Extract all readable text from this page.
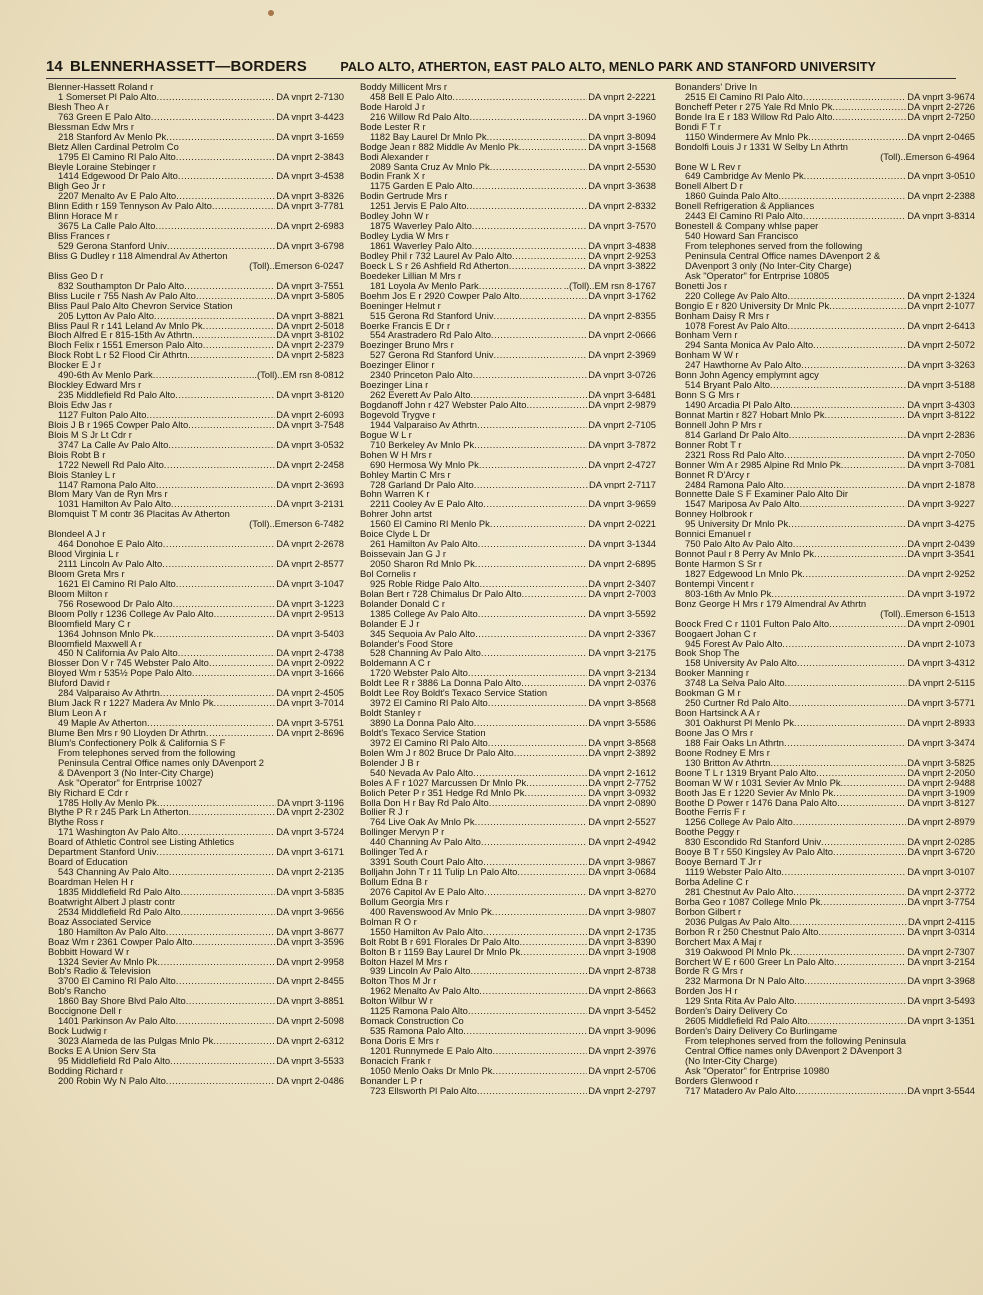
14 BLENNERHASSETT—BORDERS	PALO ALTO, ATHERTON, EAST PALO ALTO, MENLO PARK AND STANFORD UNIVERSITY
Blenner-Hassett Roland r
1 Somerset Pl Palo Alto .....	DA vnprt 2-7130
Blesh Theo A r
763 Green E Palo Alto .....	DA vnprt 3-4423
Blessman Edw Mrs r
218 Stanford Av Menlo Pk .....	DA vnprt 3-1659
Bletz Allen Cardinal Petrolm Co
1795 El Camino Rl Palo Alto .....	DA vnprt 2-3843
Bleyle Loraine Stebinger r
1414 Edgewood Dr Palo Alto .....	DA vnprt 3-4538
Bligh Geo Jr r
2207 Menalto Av E Palo Alto .....	DA vnprt 3-8326
Blinn Edith r 159 Tennyson Av Palo Alto .....	DA vnprt 3-7781
Blinn Horace M r
3675 La Calle Palo Alto .....	DA vnprt 2-6983
Bliss Frances r
529 Gerona Stanford Univ .....	DA vnprt 3-6798
Bliss G Dudley r 118 Almendral Av Atherton
(Toll)..Emerson 6-0247
Bliss Geo D r
832 Southampton Dr Palo Alto .....	DA vnprt 3-7551
Bliss Lucile r 755 Nash Av Palo Alto .....	DA vnprt 3-5805
Bliss Paul Palo Alto Chevron Service Station
205 Lytton Av Palo Alto .....	DA vnprt 3-8821
Bliss Paul R r 141 Leland Av Mnlo Pk .....	DA vnprt 2-5018
Bloch Alfred E r 815-15th Av Athrtn .....	DA vnprt 3-8102
Bloch Felix r 1551 Emerson Palo Alto .....	DA vnprt 2-2379
Block Robt L r 52 Flood Cir Athrtn .....	DA vnprt 2-5823
Blocker E J r
490-6th Av Menlo Park .....	..(Toll)..EM rsn 8-0812
Blockley Edward Mrs r
235 Middlefield Rd Palo Alto .....	DA vnprt 3-8120
Blois Edw Jas r
1127 Fulton Palo Alto .....	DA vnprt 2-6093
Blois J B r 1965 Cowper Palo Alto .....	DA vnprt 3-7548
Blois M S Jr Lt Cdr r
3747 La Calle Av Palo Alto .....	DA vnprt 3-0532
Blois Robt B r
1722 Newell Rd Palo Alto .....	DA vnprt 2-2458
Blois Stanley L r
1147 Ramona Palo Alto .....	DA vnprt 2-3693
Blom Mary Van de Ryn Mrs r
1031 Hamilton Av Palo Alto .....	DA vnprt 3-2131
Blomquist T M contr 36 Placitas Av Atherton
(Toll)..Emerson 6-7482
Blondeel A J r
464 Donohoe E Palo Alto .....	DA vnprt 2-2678
Blood Virginia L r
2111 Lincoln Av Palo Alto .....	DA vnprt 2-8577
Bloom Greta Mrs r
1621 El Camino Rl Palo Alto .....	DA vnprt 3-1047
Bloom Milton r
756 Rosewood Dr Palo Alto .....	DA vnprt 3-1223
Bloom Polly r 1236 College Av Palo Alto .....	DA vnprt 2-9513
Bloomfield Mary C r
1364 Johnson Mnlo Pk .....	DA vnprt 3-5403
Bloomfield Maxwell A r
450 N California Av Palo Alto .....	DA vnprt 2-4738
Blosser Don V r 745 Webster Palo Alto .....	DA vnprt 2-0922
Bloyed Wm r 535½ Pope Palo Alto .....	DA vnprt 3-1666
Bluford David r
284 Valparaiso Av Athrtn .....	DA vnprt 2-4505
Blum Jack R r 1227 Madera Av Mnlo Pk .....	DA vnprt 3-7014
Blum Leon A r
49 Maple Av Atherton .....	DA vnprt 3-5751
Blume Ben Mrs r 90 Lloyden Dr Athrtn .....	DA vnprt 2-8696
Blum's Confectionery Polk & California S F
From telephones served from the following
Peninsula Central Office names only DAvenport 2
& DAvenport 3 (No Inter-City Charge)
Ask "Operator" for Entrprise 10027
Bly Richard E Cdr r
1785 Holly Av Menlo Pk .....	DA vnprt 3-1196
Blythe P R r 245 Park Ln Atherton .....	DA vnprt 2-2302
Blythe Ross r
171 Washington Av Palo Alto .....	DA vnprt 3-5724
Board of Athletic Control see Listing Athletics
Department Stanford Univ .....	DA vnprt 3-6171
Board of Education
543 Channing Av Palo Alto .....	DA vnprt 2-2135
Boardman Helen H r
1835 Middlefield Rd Palo Alto .....	DA vnprt 3-5835
Boatwright Albert J plastr contr
2534 Middlefield Rd Palo Alto .....	DA vnprt 3-9656
Boaz Associated Service
180 Hamilton Av Palo Alto .....	DA vnprt 3-8677
Boaz Wm r 2361 Cowper Palo Alto .....	DA vnprt 3-3596
Bobbitt Howard W r
1324 Sevier Av Mnlo Pk .....	DA vnprt 2-9958
Bob's Radio & Television
3700 El Camino Rl Palo Alto .....	DA vnprt 2-8455
Bob's Rancho
1860 Bay Shore Blvd Palo Alto .....	DA vnprt 3-8851
Boccignone Dell r
1401 Parkinson Av Palo Alto .....	DA vnprt 2-5098
Bock Ludwig r
3023 Alameda de las Pulgas Mnlo Pk .....	DA vnprt 2-6312
Bocks E A Union Serv Sta
95 Middlefield Rd Palo Alto .....	DA vnprt 3-5533
Bodding Richard r
200 Robin Wy N Palo Alto .....	DA vnprt 2-0486
Boddy Millicent Mrs r
458 Bell E Palo Alto .....	DA vnprt 2-2221
Bode Harold J r
216 Willow Rd Palo Alto .....	DA vnprt 3-1960
Bode Lester R r
1182 Bay Laurel Dr Mnlo Pk .....	DA vnprt 3-8094
Bodge Jean r 882 Middle Av Menlo Pk .....	DA vnprt 3-1568
Bodi Alexander r
2089 Santa Cruz Av Mnlo Pk .....	DA vnprt 2-5530
Bodin Frank X r
1175 Garden E Palo Alto .....	DA vnprt 3-3638
Bodin Gertrude Mrs r
1251 Jervis E Palo Alto .....	DA vnprt 2-8332
Bodley John W r
1875 Waverley Palo Alto .....	DA vnprt 3-7570
Bodley Lydia W Mrs r
1861 Waverley Palo Alto .....	DA vnprt 3-4838
Bodley Phil r 732 Laurel Av Palo Alto .....	DA vnprt 2-9253
Boeck L S r 26 Ashfield Rd Atherton .....	DA vnprt 3-3822
Boedeker Lillian M Mrs r
181 Loyola Av Menlo Park .....	..(Toll)..EM rsn 8-1767
Boehm Jos E r 2920 Cowper Palo Alto .....	DA vnprt 3-1762
Boeninger Helmut r
515 Gerona Rd Stanford Univ .....	DA vnprt 2-8355
Boerke Francis E Dr r
554 Arastradero Rd Palo Alto .....	DA vnprt 2-0666
Boezinger Bruno Mrs r
527 Gerona Rd Stanford Univ .....	DA vnprt 2-3969
Boezinger Elinor r
2340 Princeton Palo Alto .....	DA vnprt 3-0726
Boezinger Lina r
262 Everett Av Palo Alto .....	DA vnprt 3-6481
Bogdanoff John r 427 Webster Palo Alto .....	DA vnprt 2-9879
Bogevold Trygve r
1944 Valparaiso Av Athrtn .....	DA vnprt 2-7105
Bogue W L r
710 Berkeley Av Mnlo Pk .....	DA vnprt 3-7872
Bohen W H Mrs r
690 Hermosa Wy Mnlo Pk .....	DA vnprt 2-4727
Bohley Martin C Mrs r
728 Garland Dr Palo Alto .....	DA vnprt 2-7117
Bohn Warren K r
2211 Cooley Av E Palo Alto .....	DA vnprt 3-9659
Bohrer John artst
1560 El Camino Rl Menlo Pk .....	DA vnprt 2-0221
Boice Clyde L Dr
261 Hamilton Av Palo Alto .....	DA vnprt 3-1344
Boissevain Jan G J r
2050 Sharon Rd Mnlo Pk .....	DA vnprt 2-6895
Bol Cornelis r
925 Roble Ridge Palo Alto .....	DA vnprt 2-3407
Bolan Bert r 728 Chimalus Dr Palo Alto .....	DA vnprt 2-7003
Bolander Donald C r
1385 College Av Palo Alto .....	DA vnprt 3-5592
Bolander E J r
345 Sequoia Av Palo Alto .....	DA vnprt 2-3367
Bolander's Food Store
528 Channing Av Palo Alto .....	DA vnprt 3-2175
Boldemann A C r
1720 Webster Palo Alto .....	DA vnprt 3-2134
Boldt Lee R r 3886 La Donna Palo Alto .....	DA vnprt 2-0376
Boldt Lee Roy Boldt's Texaco Service Station
3972 El Camino Rl Palo Alto .....	DA vnprt 3-8568
Boldt Stanley r
3890 La Donna Palo Alto .....	DA vnprt 3-5586
Boldt's Texaco Service Station
3972 El Camino Rl Palo Alto .....	DA vnprt 3-8568
Bolen Wm J r 802 Bruce Dr Palo Alto .....	DA vnprt 2-3892
Bolender J B r
540 Nevada Av Palo Alto .....	DA vnprt 2-1612
Boles A F r 1027 Marcussen Dr Mnlo Pk .....	DA vnprt 2-7752
Bolich Peter P r 351 Hedge Rd Mnlo Pk .....	DA vnprt 3-0932
Bolla Don H r Bay Rd Palo Alto .....	DA vnprt 2-0890
Bollier R J r
764 Live Oak Av Mnlo Pk .....	DA vnprt 2-5527
Bollinger Mervyn P r
440 Channing Av Palo Alto .....	DA vnprt 2-4942
Bollinger Ted A r
3391 South Court Palo Alto .....	DA vnprt 3-9867
Bolljahn John T r 11 Tulip Ln Palo Alto .....	DA vnprt 3-0684
Bollum Edna B r
2076 Capitol Av E Palo Alto .....	DA vnprt 3-8270
Bollum Georgia Mrs r
400 Ravenswood Av Mnlo Pk .....	DA vnprt 3-9807
Bolman R O r
1550 Hamilton Av Palo Alto .....	DA vnprt 2-1735
Bolt Robt B r 691 Florales Dr Palo Alto .....	DA vnprt 3-8390
Bolton B r 1159 Bay Laurel Dr Mnlo Pk .....	DA vnprt 3-1908
Bolton Hazel M Mrs r
939 Lincoln Av Palo Alto .....	DA vnprt 2-8738
Bolton Thos M Jr r
1962 Menalto Av Palo Alto .....	DA vnprt 2-8663
Bolton Wilbur W r
1125 Ramona Palo Alto .....	DA vnprt 3-5452
Bomack Construction Co
535 Ramona Palo Alto .....	DA vnprt 3-9096
Bona Doris E Mrs r
1201 Runnymede E Palo Alto .....	DA vnprt 2-3976
Bonacich Frank r
1050 Menlo Oaks Dr Mnlo Pk .....	DA vnprt 2-5706
Bonander L P r
723 Ellsworth Pl Palo Alto .....	DA vnprt 2-2797
Bonanders' Drive In
2515 El Camino Rl Palo Alto .....	DA vnprt 3-9674
Boncheff Peter r 275 Yale Rd Mnlo Pk .....	DA vnprt 2-2726
Bonde Ira E r 183 Willow Rd Palo Alto .....	DA vnprt 2-7250
Bondi F T r
1150 Windermere Av Mnlo Pk .....	DA vnprt 2-0465
Bondolfi Louis J r 1331 W Selby Ln Athrtn
(Toll)..Emerson 6-4964
Bone W L Rev r
649 Cambridge Av Menlo Pk .....	DA vnprt 3-0510
Bonell Albert D r
1860 Guinda Palo Alto .....	DA vnprt 2-2388
Bonell Refrigeration & Appliances
2443 El Camino Rl Palo Alto .....	DA vnprt 3-8314
Bonestell & Company whlse paper
540 Howard San Francisco
From telephones served from the following
Peninsula Central Office names DAvenport 2 &
DAvenport 3 only (No Inter-City Charge)
Ask "Operator" for Entrprise 10805
Bonetti Jos r
220 College Av Palo Alto .....	DA vnprt 2-1324
Bongio E r 820 University Dr Mnlc Pk .....	DA vnprt 2-1077
Bonham Daisy R Mrs r
1078 Forest Av Palo Alto .....	DA vnprt 2-6413
Bonham Vern r
294 Santa Monica Av Palo Alto .....	DA vnprt 2-5072
Bonham W W r
247 Hawthorne Av Palo Alto .....	DA vnprt 3-3263
Bonn John Agency emplymnt agcy
514 Bryant Palo Alto .....	DA vnprt 3-5188
Bonn S G Mrs r
1490 Arcadia Pl Palo Alto .....	DA vnprt 3-4303
Bonnat Martin r 827 Hobart Mnlo Pk .....	DA vnprt 3-8122
Bonnell John P Mrs r
814 Garland Dr Palo Alto .....	DA vnprt 2-2836
Bonner Robt T r
2321 Ross Rd Palo Alto .....	DA vnprt 2-7050
Bonner Wm A r 2985 Alpine Rd Mnlo Pk .....	DA vnprt 3-7081
Bonnet R D'Arcy r
2484 Ramona Palo Alto .....	DA vnprt 2-1878
Bonnette Dale S F Examiner Palo Alto Dir
1547 Mariposa Av Palo Alto .....	DA vnprt 3-9227
Bonney Holbrook r
95 University Dr Mnlo Pk .....	DA vnprt 3-4275
Bonnici Emanuel r
750 Palo Alto Av Palo Alto .....	DA vnprt 2-0439
Bonnot Paul r 8 Perry Av Mnlo Pk .....	DA vnprt 3-3541
Bonte Harmon S Sr r
1827 Edgewood Ln Mnlo Pk .....	DA vnprt 2-9252
Bontempi Vincent r
803-16th Av Mnlo Pk .....	DA vnprt 3-1972
Bonz George H Mrs r 179 Almendral Av Athrtn
(Toll)..Emerson 6-1513
Boock Fred C r 1101 Fulton Palo Alto .....	DA vnprt 2-0901
Boogaert Johan C r
945 Forest Av Palo Alto .....	DA vnprt 2-1073
Book Shop The
158 University Av Palo Alto .....	DA vnprt 3-4312
Booker Manning r
3748 La Selva Palo Alto .....	DA vnprt 2-5115
Bookman G M r
250 Curtner Rd Palo Alto .....	DA vnprt 3-5771
Boon Hartsinck A A r
301 Oakhurst Pl Menlo Pk .....	DA vnprt 2-8933
Boone Jas O Mrs r
188 Fair Oaks Ln Athrtn .....	DA vnprt 3-3474
Boone Rodney E Mrs r
130 Britton Av Athrtn .....	DA vnprt 3-5825
Boone T L r 1319 Bryant Palo Alto .....	DA vnprt 2-2050
Booman W W r 1031 Sevier Av Mnlo Pk .....	DA vnprt 2-9488
Booth Jas E r 1220 Sevier Av Mnlo Pk .....	DA vnprt 3-1909
Boothe D Power r 1476 Dana Palo Alto .....	DA vnprt 3-8127
Boothe Ferris F r
1256 College Av Palo Alto .....	DA vnprt 2-8979
Boothe Peggy r
830 Escondido Rd Stanford Univ .....	DA vnprt 2-0285
Booye B T r 550 Kingsley Av Palo Alto .....	DA vnprt 3-6720
Booye Bernard T Jr r
1119 Webster Palo Alto .....	DA vnprt 3-0107
Borba Adeline C r
281 Chestnut Av Palo Alto .....	DA vnprt 2-3772
Borba Geo r 1087 College Mnlo Pk .....	DA vnprt 3-7754
Borbon Gilbert r
2036 Pulgas Av Palo Alto .....	DA vnprt 2-4115
Borbon R r 250 Chestnut Palo Alto .....	DA vnprt 3-0314
Borchert Max A Maj r
319 Oakwood Pl Mnlo Pk .....	DA vnprt 2-7307
Borchert W E r 600 Greer Ln Palo Alto .....	DA vnprt 3-2154
Borde R G Mrs r
232 Marmona Dr N Palo Alto .....	DA vnprt 3-3968
Borden Jos H r
129 Snta Rita Av Palo Alto .....	DA vnprt 3-5493
Borden's Dairy Delivery Co
2605 Middlefield Rd Palo Alto .....	DA vnprt 3-1351
Borden's Dairy Delivery Co Burlingame
From telephones served from the following Peninsula
Central Office names only DAvenport 2 DAvenport 3
(No Inter-City Charge)
Ask "Operator" for Entrprise 10980
Borders Glenwood r
717 Matadero Av Palo Alto .....	DA vnprt 3-5544
